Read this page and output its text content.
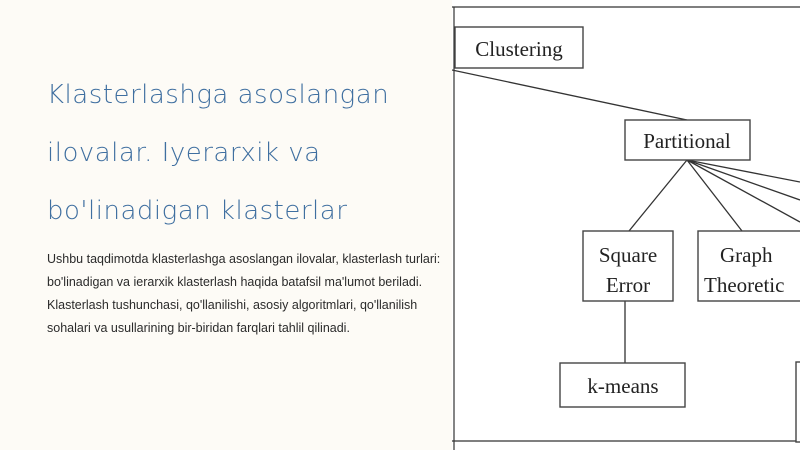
Klasterlashga asoslangan
ilovalar. Iyerarxik va
bo'linadigan klasterlar

Ushbu taqdimotda klasterlashga asoslangan ilovalar, klasterlash turlari:
bo'linadigan va ierarxik klasterlash haqida batafsil ma'lumot beriladi.
Klasterlash tushunchasi, qo'llanilishi, asosiy algoritmlari, qo'llanilish
sohalari va usullarining bir-biridan farqlari tahlil qilinadi.

Clustering
Partitional
Square
Error
Graph
Theoretic
k-means
